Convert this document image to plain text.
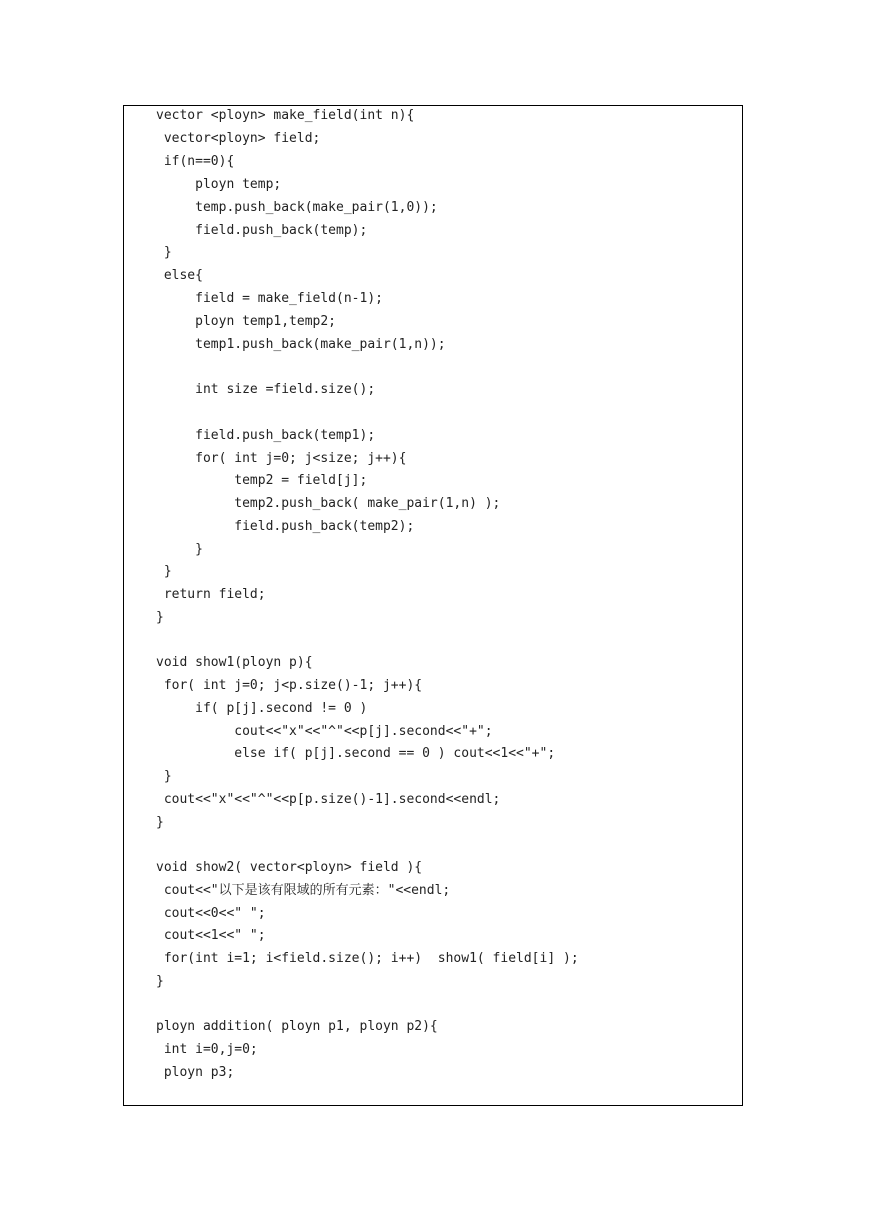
vector <ployn> make_field(int n){
vector<ployn> field;
if(n==0){
ployn temp;
temp.push_back(make_pair(1,0));
field.push_back(temp);
}
else{
field = make_field(n-1);
ployn temp1,temp2;
temp1.push_back(make_pair(1,n));
int size =field.size();
field.push_back(temp1);
for( int j=0; j<size; j++){
temp2 = field[j];
temp2.push_back( make_pair(1,n) );
field.push_back(temp2);
}
}
return field;
}
void show1(ployn p){
for( int j=0; j<p.size()-1; j++){
if( p[j].second != 0 )
cout<<"x"<<"^"<<p[j].second<<"+";
else if( p[j].second == 0 ) cout<<1<<"+";
}
cout<<"x"<<"^"<<p[p.size()-1].second<<endl;
}
void show2( vector<ployn> field ){
cout<<"以下是该有限域的所有元素："<<endl;
cout<<0<<" ";
cout<<1<<" ";
for(int i=1; i<field.size(); i++)  show1( field[i] );
}
ployn addition( ployn p1, ployn p2){
int i=0,j=0;
ployn p3;
